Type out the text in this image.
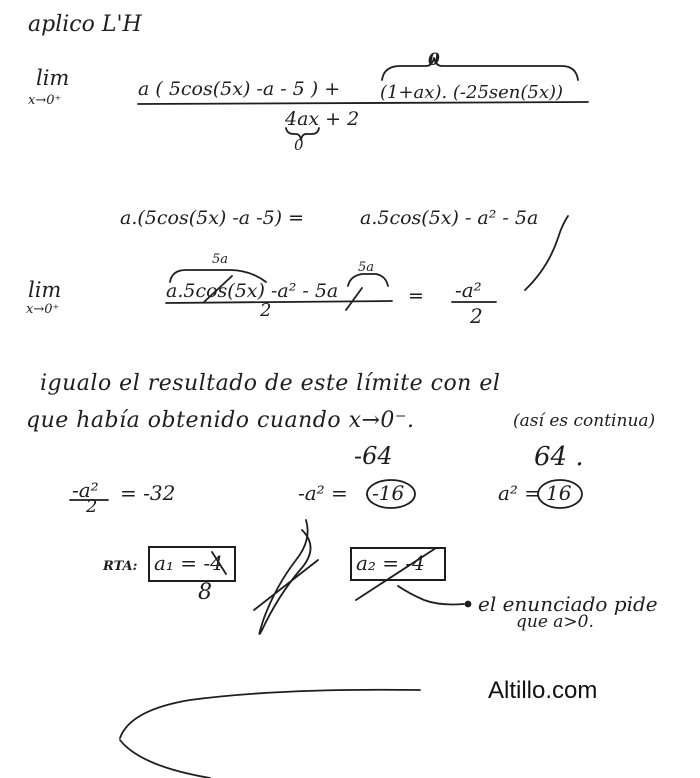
aplico L'H
lim
x→0⁺
0
a ( 5cos(5x) -a - 5 ) + (1+ax). (-25sen(5x))
4ax + 2
0
a.(5cos(5x) -a -5) =	a.5cos(5x) - a² - 5a
lim
x→0⁺
5a
5a
a.5cos(5x) -a² - 5a
2
= -a²
2
igualo el resultado de este límite con el
que había obtenido cuando x→0⁻.	(así es continua)
-a²
2
= -32
-64
-a² = -16
64 .
a² = 16
RTA: a₁ = -4
8
a₂ = -4
el enunciado pide
que a>0.
Altillo.com
